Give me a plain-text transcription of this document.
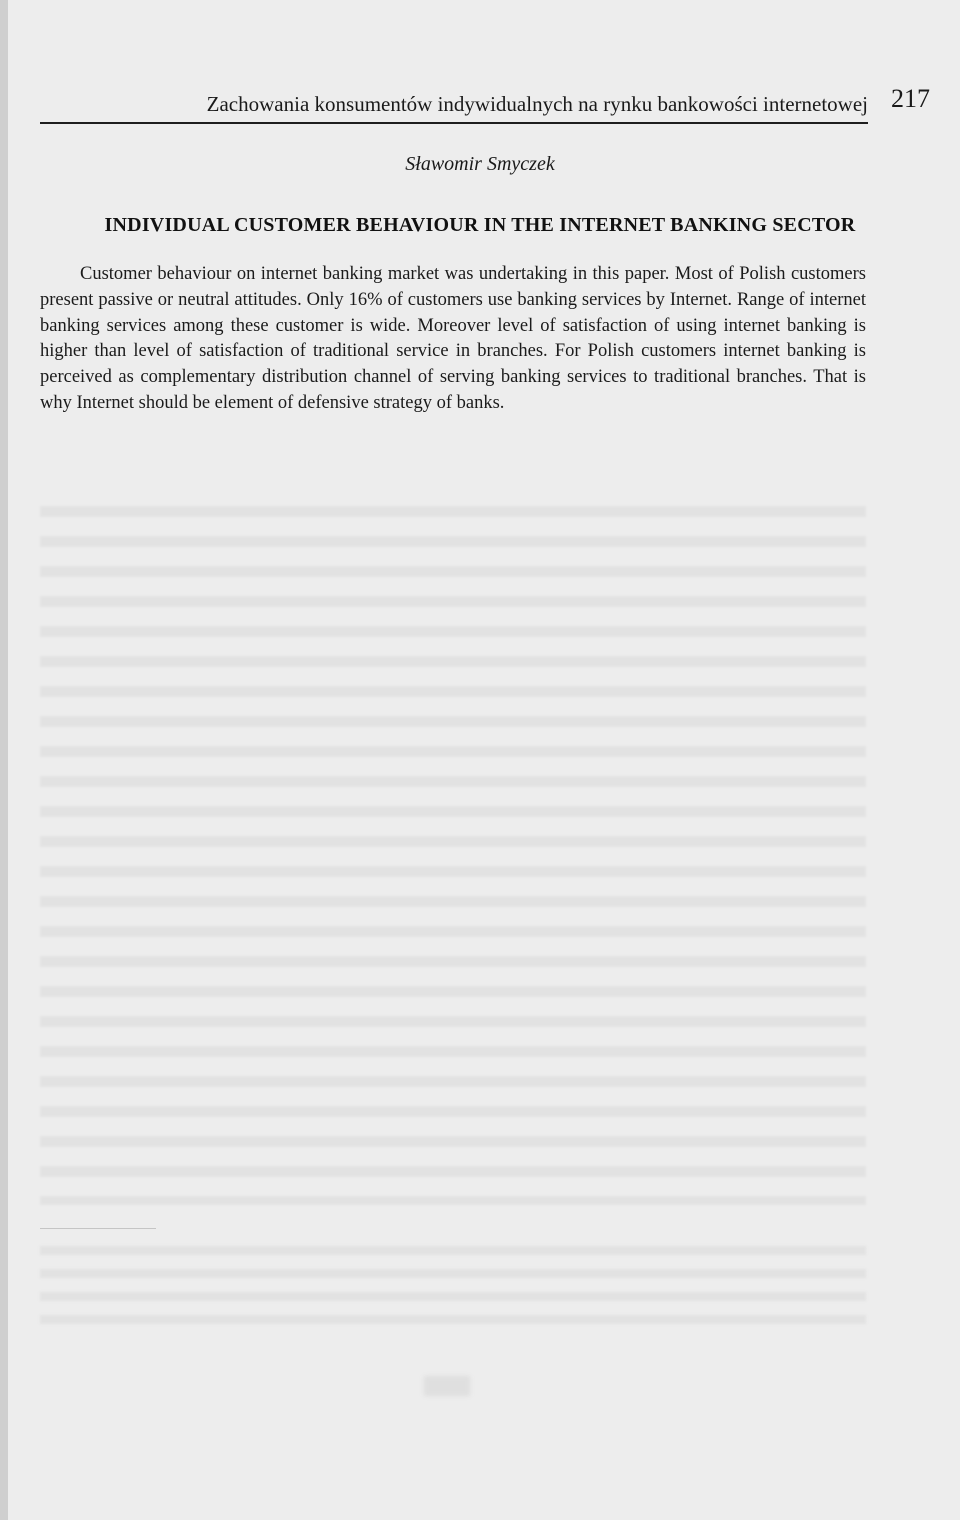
Zachowania konsumentów indywidualnych na rynku bankowości internetowej 217
Sławomir Smyczek
INDIVIDUAL CUSTOMER BEHAVIOUR IN THE INTERNET BANKING SECTOR

Customer behaviour on internet banking market was undertaking in this paper. Most of Polish customers present passive or neutral attitudes. Only 16% of customers use banking services by Internet. Range of internet banking services among these customer is wide. Moreover level of satisfaction of using internet banking is higher than level of satisfaction of traditional service in branches. For Polish customers internet banking is perceived as complementary distribution channel of serving banking services to traditional branches. That is why Internet should be element of defensive strategy of banks.
